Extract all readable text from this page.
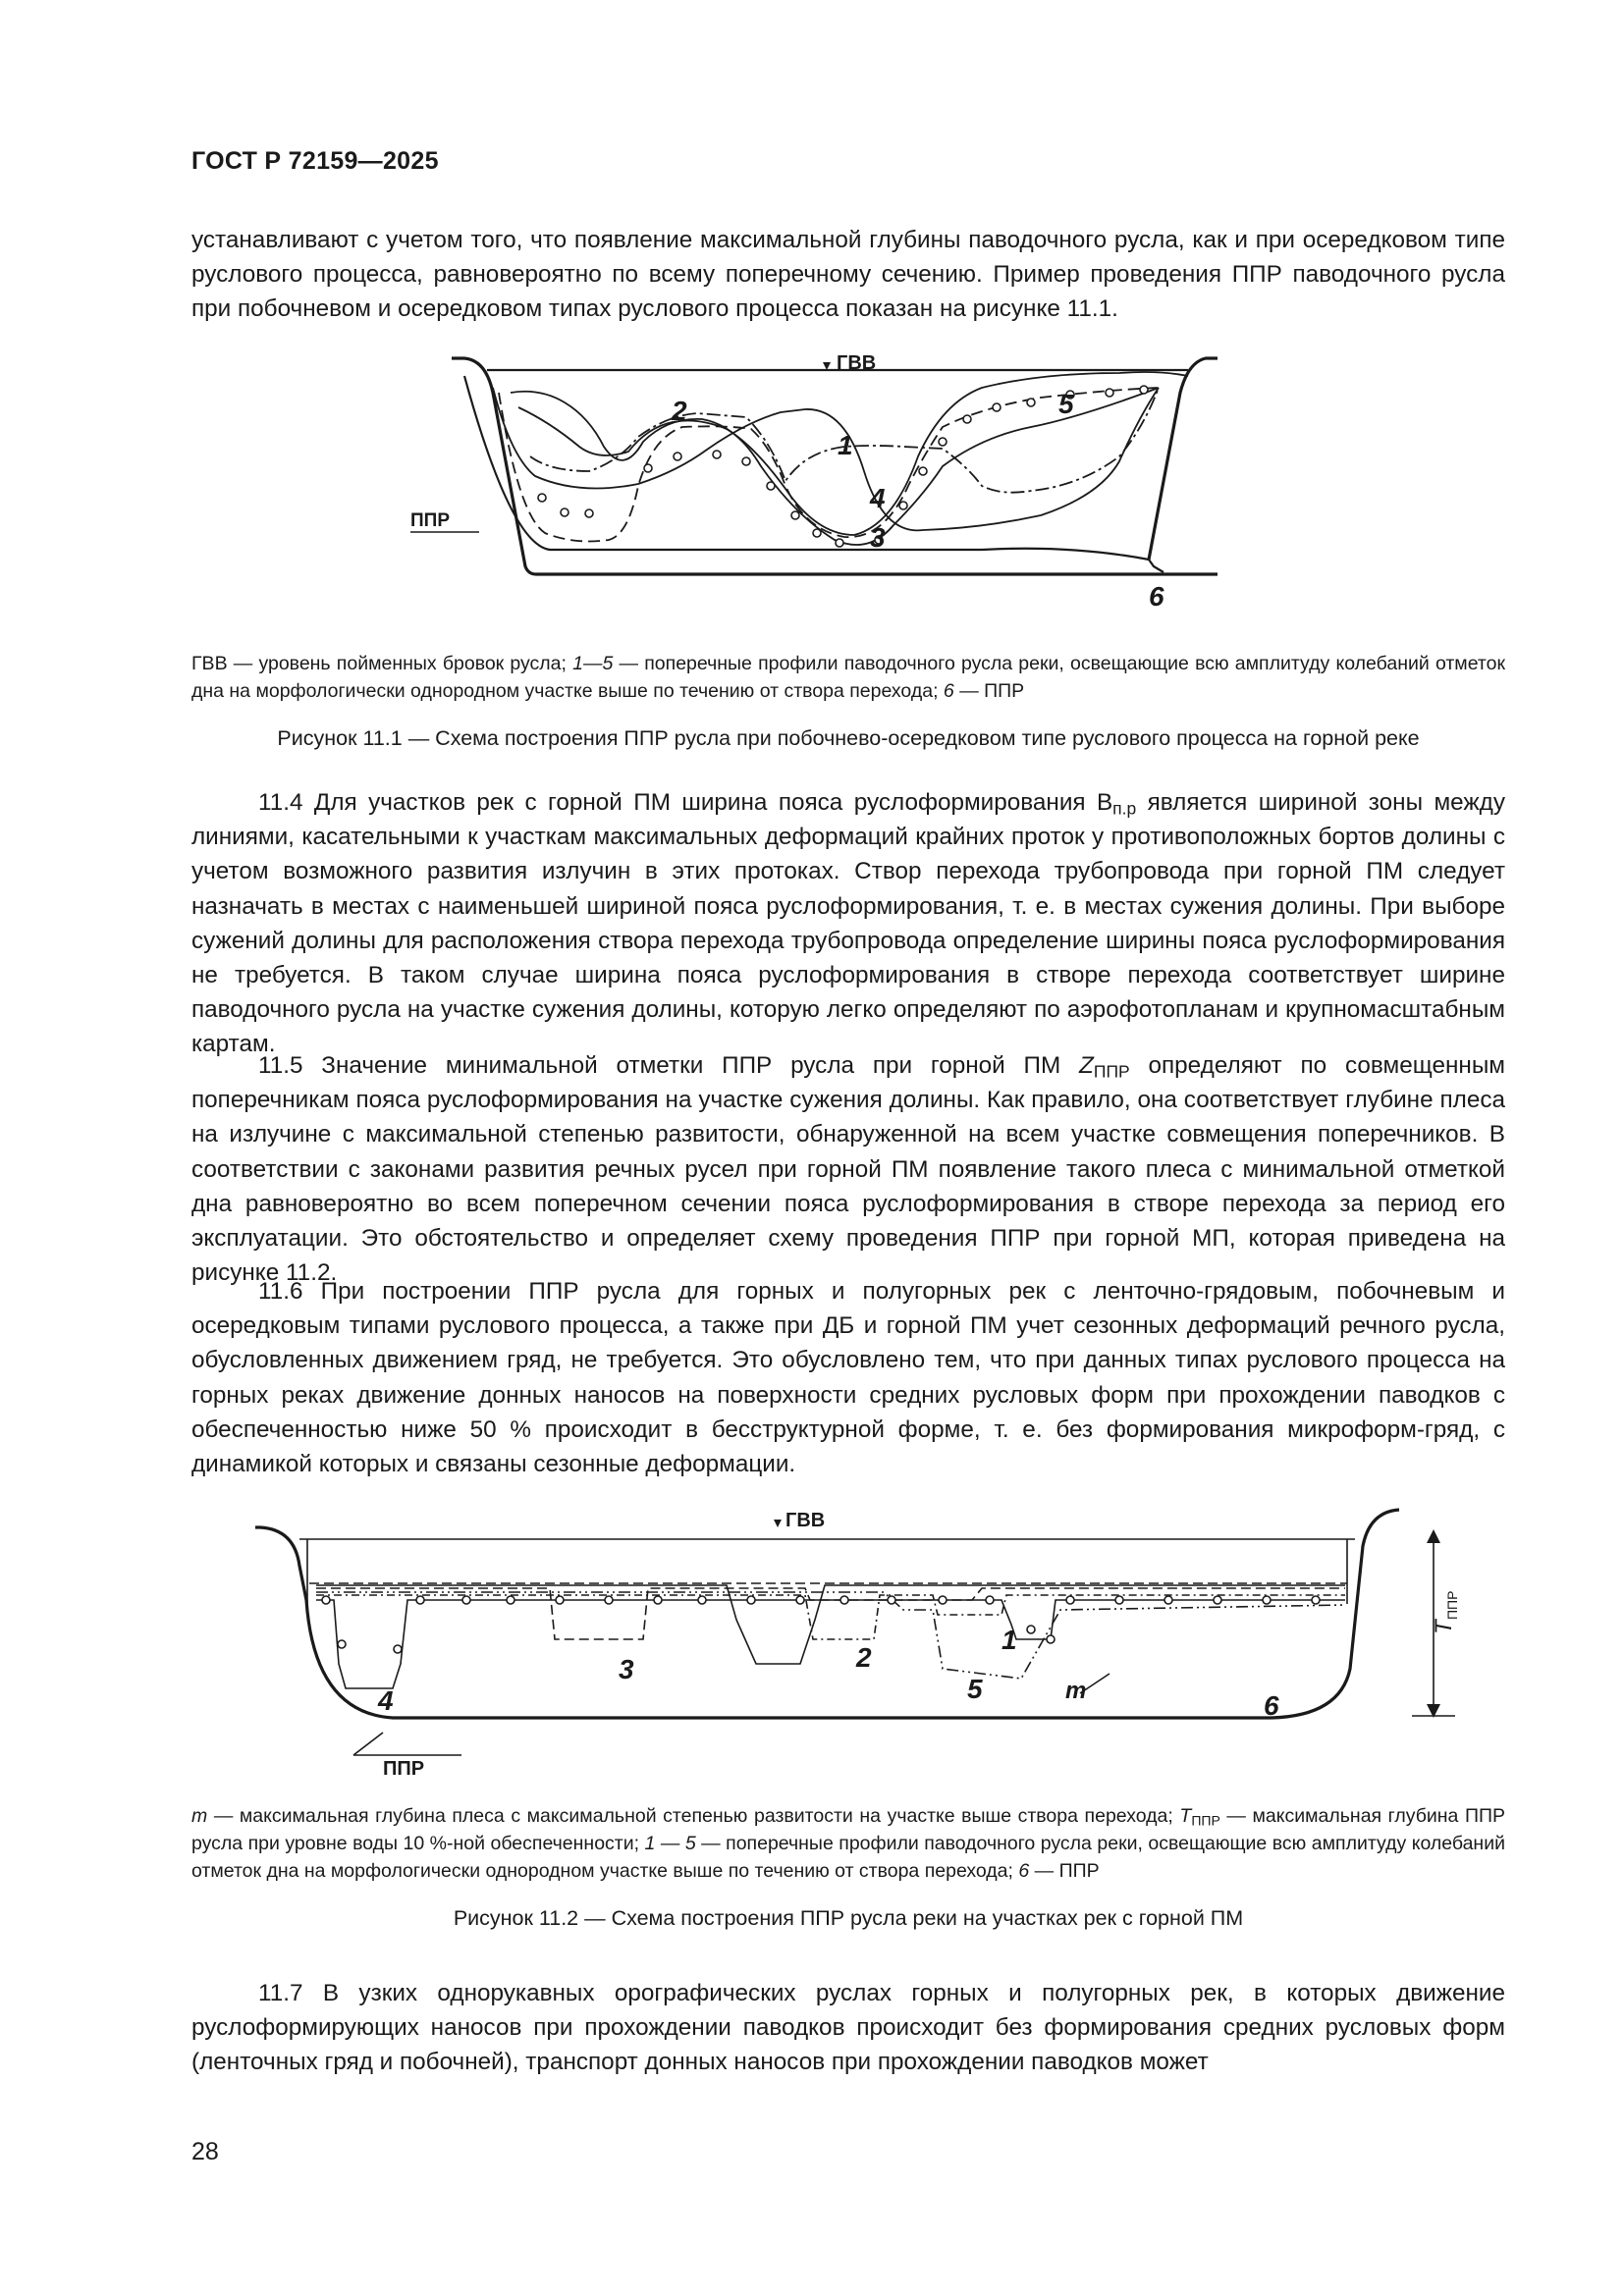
ГОСТ Р 72159—2025

устанавливают с учетом того, что появление максимальной глубины паводочного русла, как и при осередковом типе руслового процесса, равновероятно по всему поперечному сечению. Пример проведения ППР паводочного русла при побочневом и осередковом типах руслового процесса показан на рисунке 11.1.

ГВВ
ППР
1
2
3
4
5
6

ГВВ — уровень пойменных бровок русла; 1—5 — поперечные профили паводочного русла реки, освещающие всю амплитуду колебаний отметок дна на морфологически однородном участке выше по течению от створа перехода; 6 — ППР

Рисунок 11.1 — Схема построения ППР русла при побочнево-осередковом типе руслового процесса на горной реке

11.4 Для участков рек с горной ПМ ширина пояса руслоформирования $В_{п.р}$ является шириной зоны между линиями, касательными к участкам максимальных деформаций крайних проток у противоположных бортов долины с учетом возможного развития излучин в этих протоках. Створ перехода трубопровода при горной ПМ следует назначать в местах с наименьшей шириной пояса руслоформирования, т. е. в местах сужения долины. При выборе сужений долины для расположения створа перехода трубопровода определение ширины пояса руслоформирования не требуется. В таком случае ширина пояса руслоформирования в створе перехода соответствует ширине паводочного русла на участке сужения долины, которую легко определяют по аэрофотопланам и крупномасштабным картам.

11.5 Значение минимальной отметки ППР русла при горной ПМ $Z_{ППР}$ определяют по совмещенным поперечникам пояса руслоформирования на участке сужения долины. Как правило, она соответствует глубине плеса на излучине с максимальной степенью развитости, обнаруженной на всем участке совмещения поперечников. В соответствии с законами развития речных русел при горной ПМ появление такого плеса с минимальной отметкой дна равновероятно во всем поперечном сечении пояса руслоформирования в створе перехода за период его эксплуатации. Это обстоятельство и определяет схему проведения ППР при горной МП, которая приведена на рисунке 11.2.

11.6 При построении ППР русла для горных и полугорных рек с ленточно-грядовым, побочневым и осередковым типами руслового процесса, а также при ДБ и горной ПМ учет сезонных деформаций речного русла, обусловленных движением гряд, не требуется. Это обусловлено тем, что при данных типах руслового процесса на горных реках движение донных наносов на поверхности средних русловых форм при прохождении паводков с обеспеченностью ниже 50 % происходит в бесструктурной форме, т. е. без формирования микроформ-гряд, с динамикой которых и связаны сезонные деформации.

ГВВ
ППР
1
2
3
4	5
6
m
T
ППР

m — максимальная глубина плеса с максимальной степенью развитости на участке выше створа перехода; $T_{ППР}$ — максимальная глубина ППР русла при уровне воды 10 %-ной обеспеченности; 1 — 5 — поперечные профили паводочного русла реки, освещающие всю амплитуду колебаний отметок дна на морфологически однородном участке выше по течению от створа перехода; 6 — ППР

Рисунок 11.2 — Схема построения ППР русла реки на участках рек с горной ПМ

11.7 В узких однорукавных орографических руслах горных и полугорных рек, в которых движение руслоформирующих наносов при прохождении паводков происходит без формирования средних русловых форм (ленточных гряд и побочней), транспорт донных наносов при прохождении паводков может

28
